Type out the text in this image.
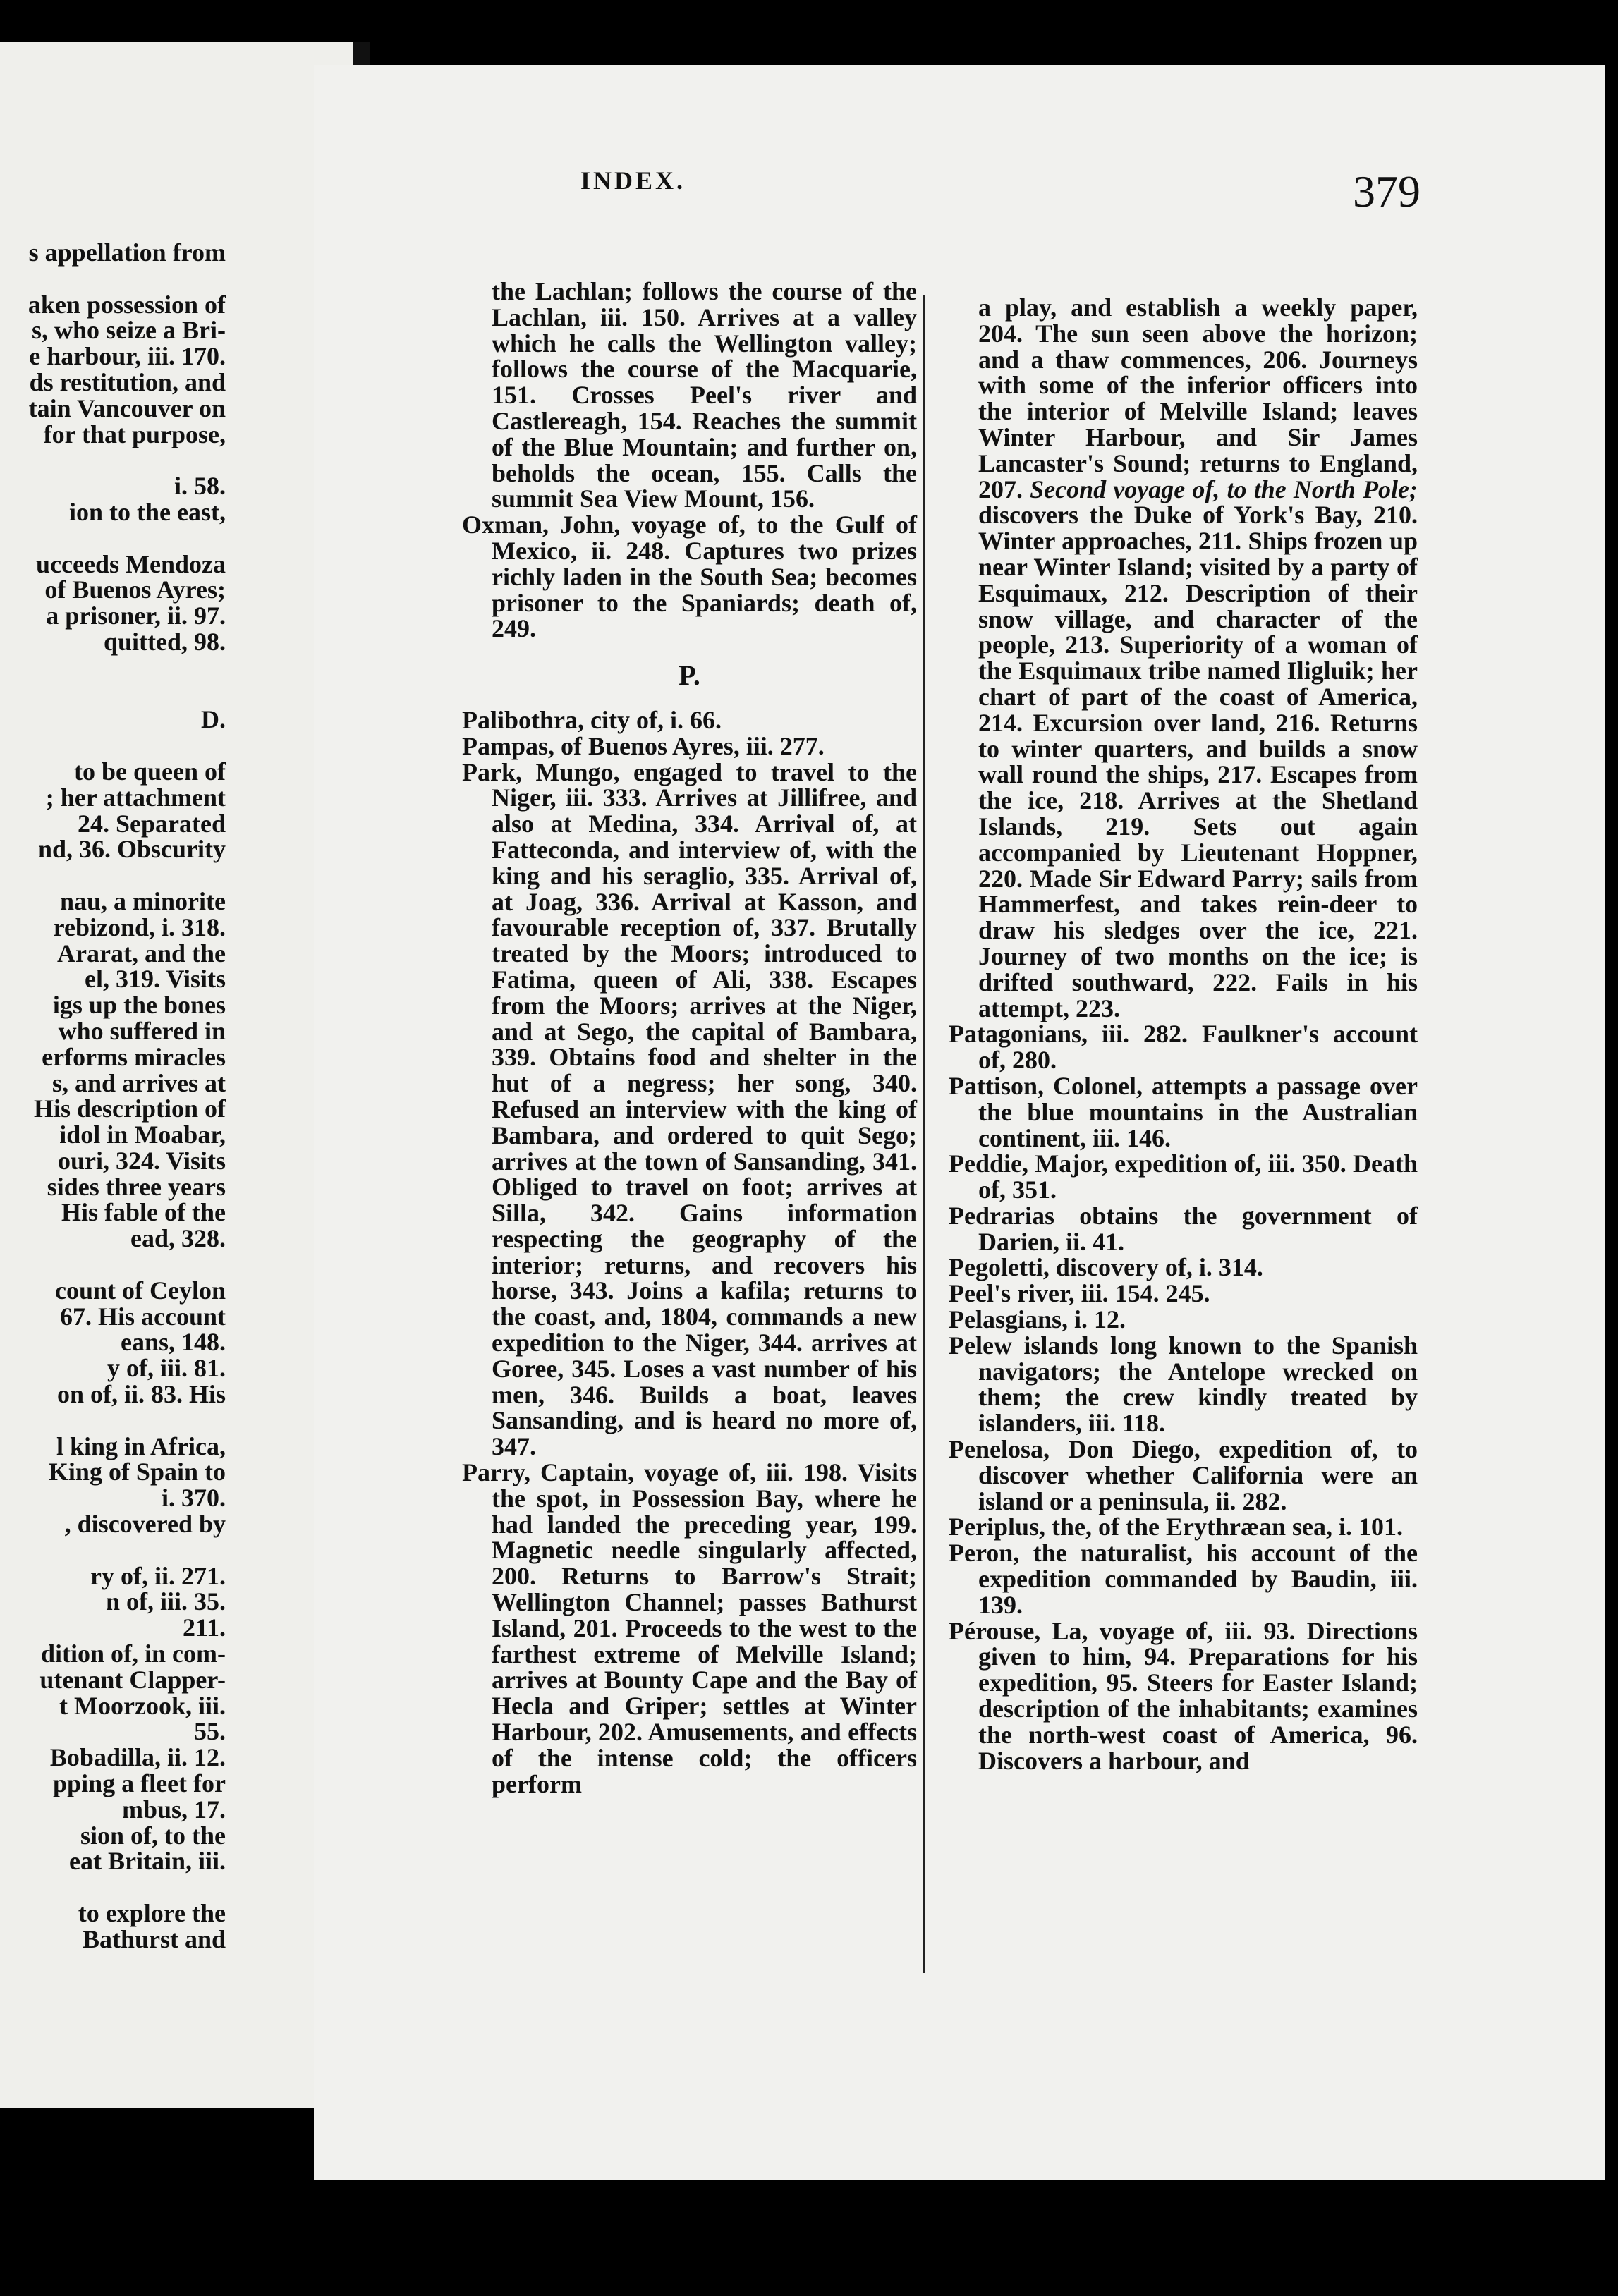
s appellation from
aken possession of
s, who seize a Bri-
e harbour, iii. 170.
ds restitution, and
tain Vancouver on
for that purpose,
i. 58.
ion to the east,
ucceeds Mendoza
of Buenos Ayres;
a prisoner, ii. 97.
quitted, 98.
D.
to be queen of
; her attachment
24. Separated
nd, 36. Obscurity
nau, a minorite
rebizond, i. 318.
Ararat, and the
el, 319. Visits
igs up the bones
who suffered in
erforms miracles
s, and arrives at
His description of
idol in Moabar,
ouri, 324. Visits
sides three years
His fable of the
ead, 328.
count of Ceylon
67. His account
eans, 148.
y of, iii. 81.
on of, ii. 83. His
l king in Africa,
King of Spain to
i. 370.
, discovered by
ry of, ii. 271.
n of, iii. 35.
211.
dition of, in com-
utenant Clapper-
t Moorzook, iii.
55.
Bobadilla, ii. 12.
pping a fleet for
mbus, 17.
sion of, to the
eat Britain, iii.
to explore the
Bathurst and
INDEX.	379

the Lachlan; follows the course of the Lachlan, iii. 150. Arrives at a valley which he calls the Wellington valley; follows the course of the Macquarie, 151. Crosses Peel's river and Castlereagh, 154. Reaches the summit of the Blue Mountain; and further on, beholds the ocean, 155. Calls the summit Sea View Mount, 156.

Oxman, John, voyage of, to the Gulf of Mexico, ii. 248. Captures two prizes richly laden in the South Sea; becomes prisoner to the Spaniards; death of, 249.

P.

Palibothra, city of, i. 66.

Pampas, of Buenos Ayres, iii. 277.

Park, Mungo, engaged to travel to the Niger, iii. 333. Arrives at Jillifree, and also at Medina, 334. Arrival of, at Fatteconda, and interview of, with the king and his seraglio, 335. Arrival of, at Joag, 336. Arrival at Kasson, and favourable reception of, 337. Brutally treated by the Moors; introduced to Fatima, queen of Ali, 338. Escapes from the Moors; arrives at the Niger, and at Sego, the capital of Bambara, 339. Obtains food and shelter in the hut of a negress; her song, 340. Refused an interview with the king of Bambara, and ordered to quit Sego; arrives at the town of Sansanding, 341. Obliged to travel on foot; arrives at Silla, 342. Gains information respecting the geography of the interior; returns, and recovers his horse, 343. Joins a kafila; returns to the coast, and, 1804, commands a new expedition to the Niger, 344. arrives at Goree, 345. Loses a vast number of his men, 346. Builds a boat, leaves Sansanding, and is heard no more of, 347.

Parry, Captain, voyage of, iii. 198. Visits the spot, in Possession Bay, where he had landed the preceding year, 199. Magnetic needle singularly affected, 200. Returns to Barrow's Strait; Wellington Channel; passes Bathurst Island, 201. Proceeds to the west to the farthest extreme of Melville Island; arrives at Bounty Cape and the Bay of Hecla and Griper; settles at Winter Harbour, 202. Amusements, and effects of the intense cold; the officers perform

a play, and establish a weekly paper, 204. The sun seen above the horizon; and a thaw commences, 206. Journeys with some of the inferior officers into the interior of Melville Island; leaves Winter Harbour, and Sir James Lancaster's Sound; returns to England, 207. Second voyage of, to the North Pole; discovers the Duke of York's Bay, 210. Winter approaches, 211. Ships frozen up near Winter Island; visited by a party of Esquimaux, 212. Description of their snow village, and character of the people, 213. Superiority of a woman of the Esquimaux tribe named Iligluik; her chart of part of the coast of America, 214. Excursion over land, 216. Returns to winter quarters, and builds a snow wall round the ships, 217. Escapes from the ice, 218. Arrives at the Shetland Islands, 219. Sets out again accompanied by Lieutenant Hoppner, 220. Made Sir Edward Parry; sails from Hammerfest, and takes rein-deer to draw his sledges over the ice, 221. Journey of two months on the ice; is drifted southward, 222. Fails in his attempt, 223.

Patagonians, iii. 282. Faulkner's account of, 280.

Pattison, Colonel, attempts a passage over the blue mountains in the Australian continent, iii. 146.

Peddie, Major, expedition of, iii. 350. Death of, 351.

Pedrarias obtains the government of Darien, ii. 41.

Pegoletti, discovery of, i. 314.

Peel's river, iii. 154. 245.

Pelasgians, i. 12.

Pelew islands long known to the Spanish navigators; the Antelope wrecked on them; the crew kindly treated by islanders, iii. 118.

Penelosa, Don Diego, expedition of, to discover whether California were an island or a peninsula, ii. 282.

Periplus, the, of the Erythræan sea, i. 101.

Peron, the naturalist, his account of the expedition commanded by Baudin, iii. 139.

Pérouse, La, voyage of, iii. 93. Directions given to him, 94. Preparations for his expedition, 95. Steers for Easter Island; description of the inhabitants; examines the north-west coast of America, 96. Discovers a harbour, and
